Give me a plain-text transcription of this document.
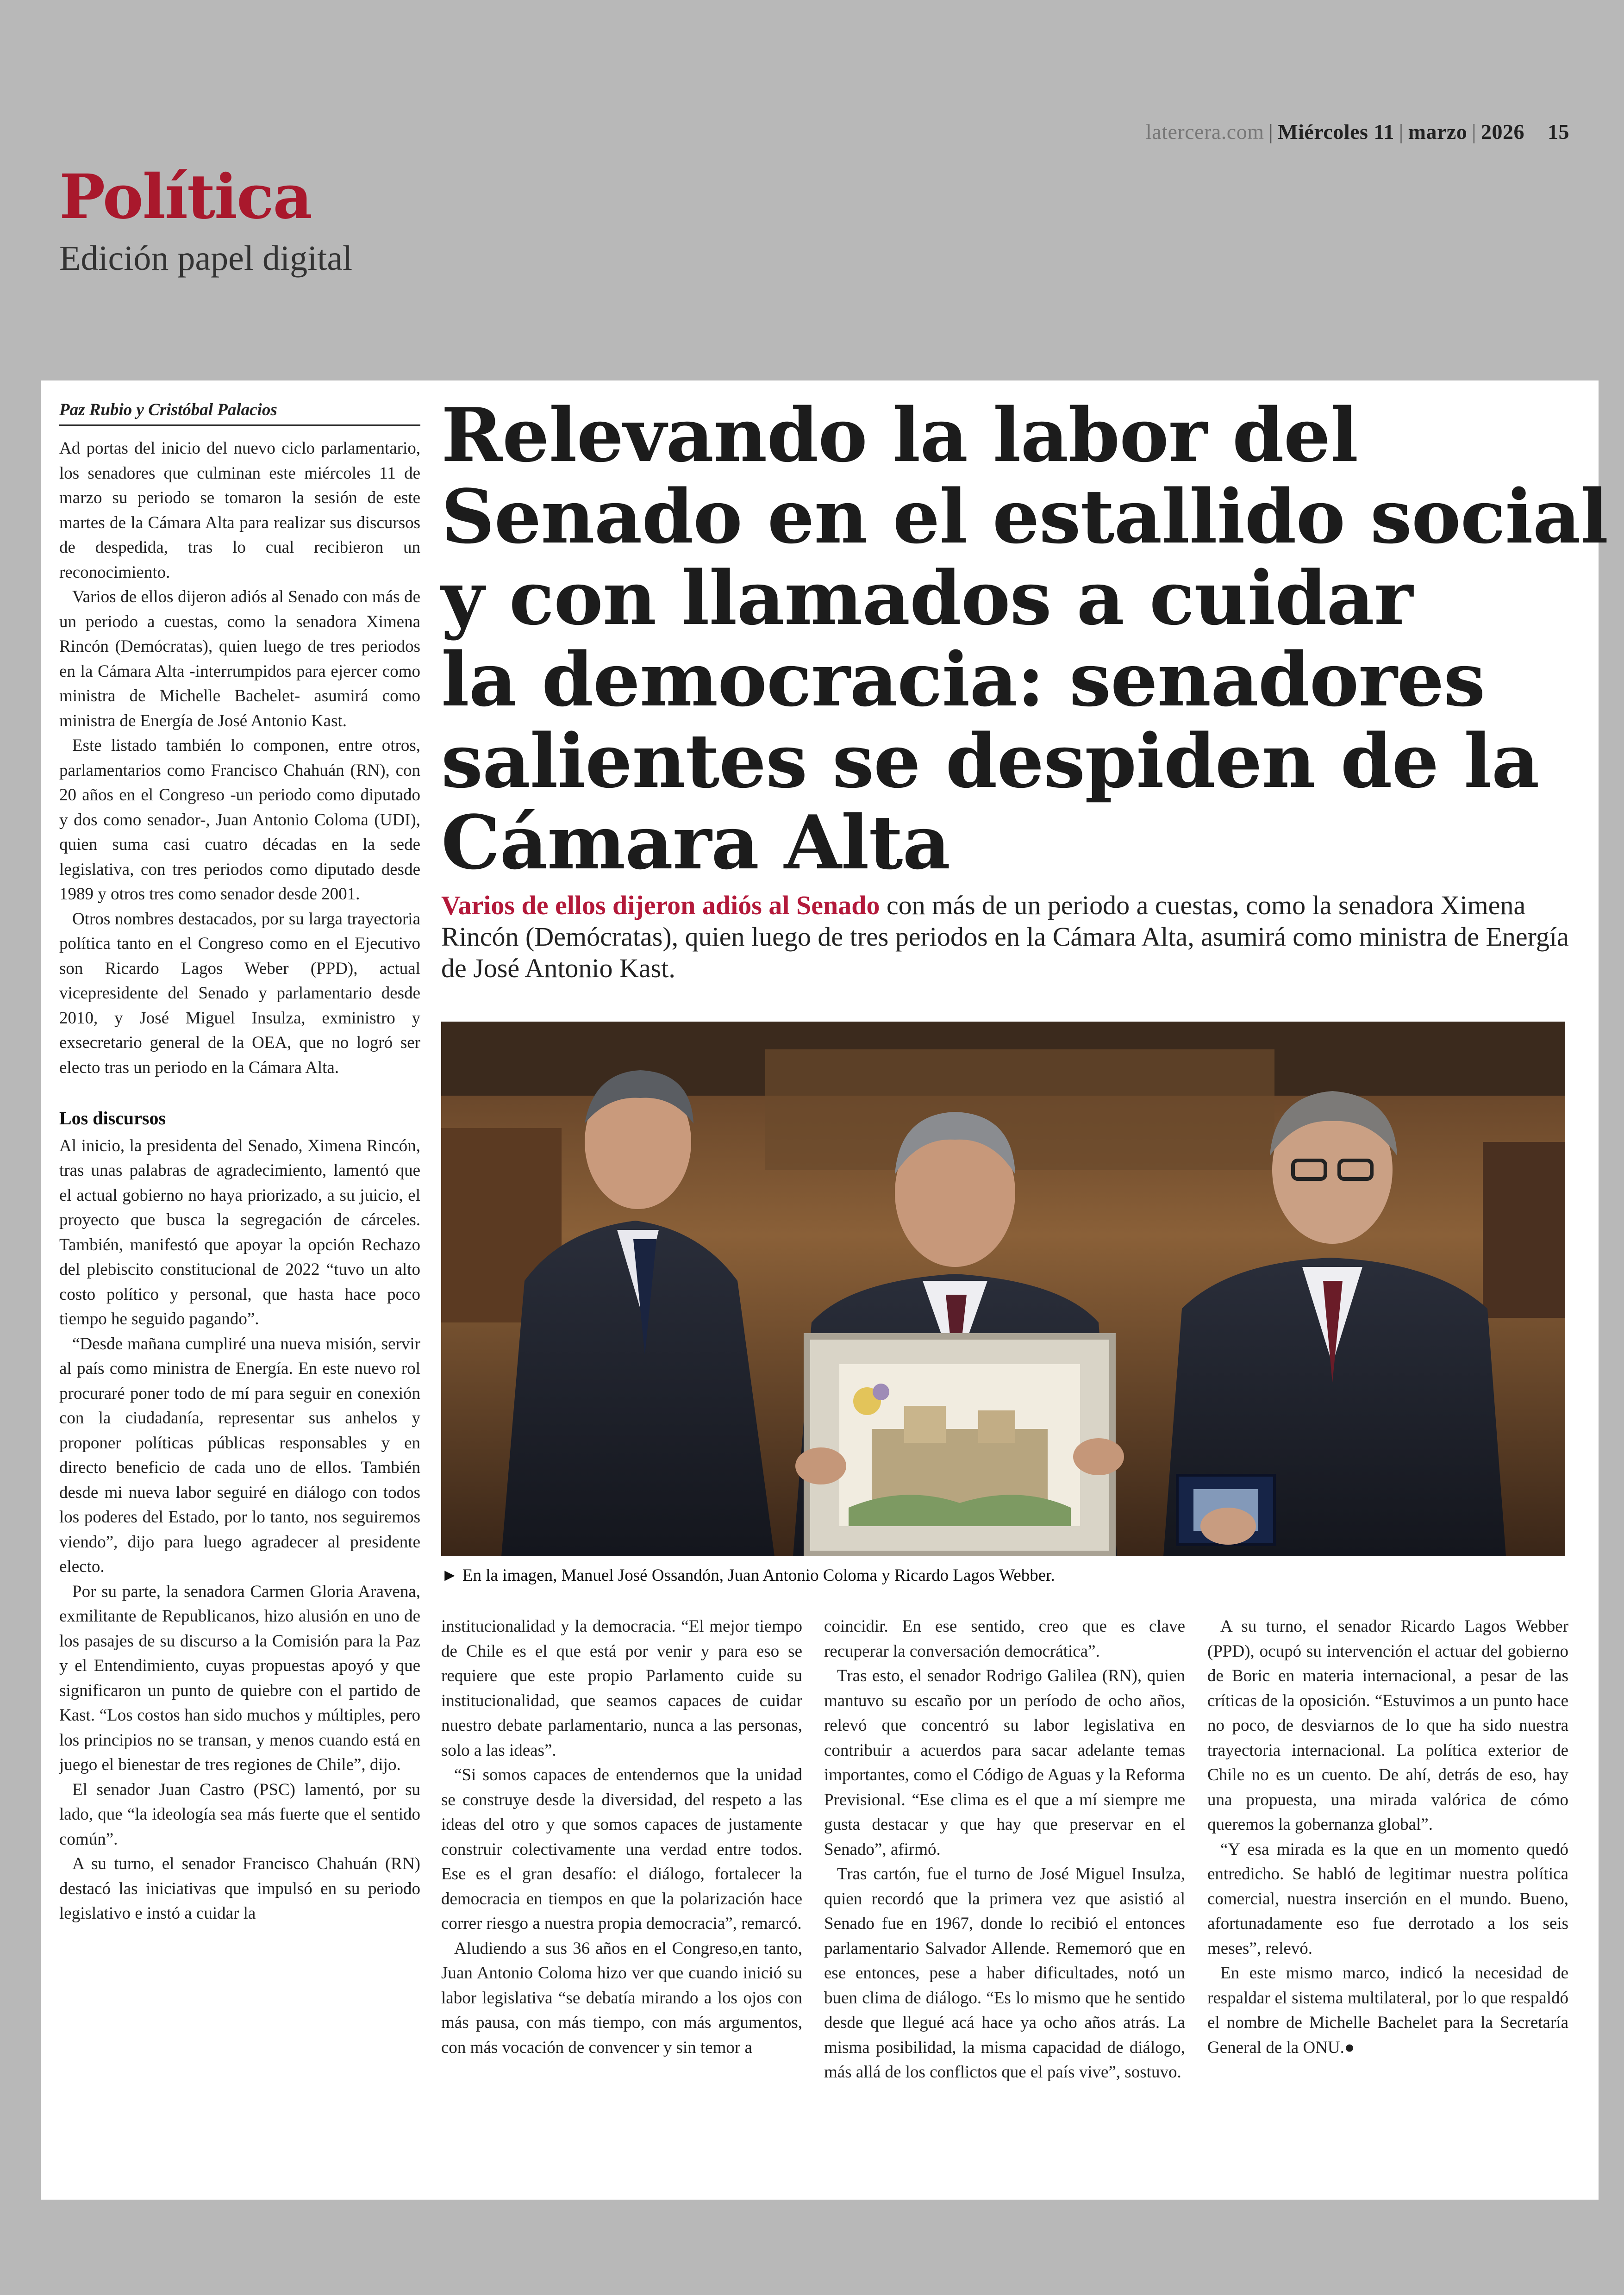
latercera.com | Miércoles 11 | marzo | 2026 15
Política
Edición papel digital
Paz Rubio y Cristóbal Palacios

Ad portas del inicio del nuevo ciclo parlamentario, los senadores que culminan este miércoles 11 de marzo su periodo se tomaron la sesión de este martes de la Cámara Alta para realizar sus discursos de despedida, tras lo cual recibieron un reconocimiento.

Varios de ellos dijeron adiós al Senado con más de un periodo a cuestas, como la senadora Ximena Rincón (Demócratas), quien luego de tres periodos en la Cámara Alta -interrumpidos para ejercer como ministra de Michelle Bachelet- asumirá como ministra de Energía de José Antonio Kast.

Este listado también lo componen, entre otros, parlamentarios como Francisco Chahuán (RN), con 20 años en el Congreso -un periodo como diputado y dos como senador-, Juan Antonio Coloma (UDI), quien suma casi cuatro décadas en la sede legislativa, con tres periodos como diputado desde 1989 y otros tres como senador desde 2001.

Otros nombres destacados, por su larga trayectoria política tanto en el Congreso como en el Ejecutivo son Ricardo Lagos Weber (PPD), actual vicepresidente del Senado y parlamentario desde 2010, y José Miguel Insulza, exministro y exsecretario general de la OEA, que no logró ser electo tras un periodo en la Cámara Alta.

Los discursos

Al inicio, la presidenta del Senado, Ximena Rincón, tras unas palabras de agradecimiento, lamentó que el actual gobierno no haya priorizado, a su juicio, el proyecto que busca la segregación de cárceles. También, manifestó que apoyar la opción Rechazo del plebiscito constitucional de 2022 “tuvo un alto costo político y personal, que hasta hace poco tiempo he seguido pagando”.

“Desde mañana cumpliré una nueva misión, servir al país como ministra de Energía. En este nuevo rol procuraré poner todo de mí para seguir en conexión con la ciudadanía, representar sus anhelos y proponer políticas públicas responsables y en directo beneficio de cada uno de ellos. También desde mi nueva labor seguiré en diálogo con todos los poderes del Estado, por lo tanto, nos seguiremos viendo”, dijo para luego agradecer al presidente electo.

Por su parte, la senadora Carmen Gloria Aravena, exmilitante de Republicanos, hizo alusión en uno de los pasajes de su discurso a la Comisión para la Paz y el Entendimiento, cuyas propuestas apoyó y que significaron un punto de quiebre con el partido de Kast. “Los costos han sido muchos y múltiples, pero los principios no se transan, y menos cuando está en juego el bienestar de tres regiones de Chile”, dijo.

El senador Juan Castro (PSC) lamentó, por su lado, que “la ideología sea más fuerte que el sentido común”.

A su turno, el senador Francisco Chahuán (RN) destacó las iniciativas que impulsó en su periodo legislativo e instó a cuidar la

Relevando la labor del
Senado en el estallido social
y con llamados a cuidar
la democracia: senadores
salientes se despiden de la
Cámara Alta

Varios de ellos dijeron adiós al Senado con más de un periodo a cuestas, como la senadora Ximena Rincón (Demócratas), quien luego de tres periodos en la Cámara Alta, asumirá como ministra de Energía de José Antonio Kast.

► En la imagen, Manuel José Ossandón, Juan Antonio Coloma y Ricardo Lagos Webber.

institucionalidad y la democracia. “El mejor tiempo de Chile es el que está por venir y para eso se requiere que este propio Parlamento cuide su institucionalidad, que seamos capaces de cuidar nuestro debate parlamentario, nunca a las personas, solo a las ideas”.

“Si somos capaces de entendernos que la unidad se construye desde la diversidad, del respeto a las ideas del otro y que somos capaces de justamente construir colectivamente una verdad entre todos. Ese es el gran desafío: el diálogo, fortalecer la democracia en tiempos en que la polarización hace correr riesgo a nuestra propia democracia”, remarcó.

Aludiendo a sus 36 años en el Congreso,en tanto, Juan Antonio Coloma hizo ver que cuando inició su labor legislativa “se debatía mirando a los ojos con más pausa, con más tiempo, con más argumentos, con más vocación de convencer y sin temor a

coincidir. En ese sentido, creo que es clave recuperar la conversación democrática”.

Tras esto, el senador Rodrigo Galilea (RN), quien mantuvo su escaño por un período de ocho años, relevó que concentró su labor legislativa en contribuir a acuerdos para sacar adelante temas importantes, como el Código de Aguas y la Reforma Previsional. “Ese clima es el que a mí siempre me gusta destacar y que hay que preservar en el Senado”, afirmó.

Tras cartón, fue el turno de José Miguel Insulza, quien recordó que la primera vez que asistió al Senado fue en 1967, donde lo recibió el entonces parlamentario Salvador Allende. Rememoró que en ese entonces, pese a haber dificultades, notó un buen clima de diálogo. “Es lo mismo que he sentido desde que llegué acá hace ya ocho años atrás. La misma posibilidad, la misma capacidad de diálogo, más allá de los conflictos que el país vive”, sostuvo.

A su turno, el senador Ricardo Lagos Webber (PPD), ocupó su intervención el actuar del gobierno de Boric en materia internacional, a pesar de las críticas de la oposición. “Estuvimos a un punto hace no poco, de desviarnos de lo que ha sido nuestra trayectoria internacional. La política exterior de Chile no es un cuento. De ahí, detrás de eso, hay una propuesta, una mirada valórica de cómo queremos la gobernanza global”.

“Y esa mirada es la que en un momento quedó entredicho. Se habló de legitimar nuestra política comercial, nuestra inserción en el mundo. Bueno, afortunadamente eso fue derrotado a los seis meses”, relevó.

En este mismo marco, indicó la necesidad de respaldar el sistema multilateral, por lo que respaldó el nombre de Michelle Bachelet para la Secretaría General de la ONU.●
